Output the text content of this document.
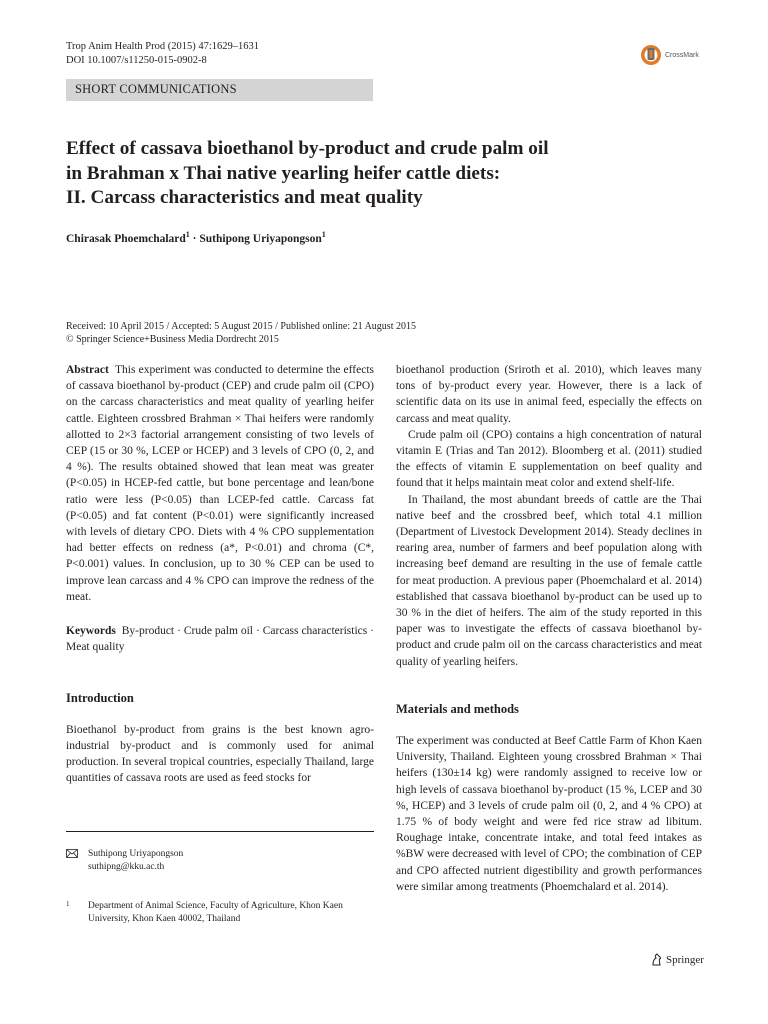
Trop Anim Health Prod (2015) 47:1629–1631
DOI 10.1007/s11250-015-0902-8	CrossMark
SHORT COMMUNICATIONS
Effect of cassava bioethanol by-product and crude palm oil
in Brahman x Thai native yearling heifer cattle diets:
II. Carcass characteristics and meat quality
Chirasak Phoemchalard$^1$ · Suthipong Uriyapongson$^1$
Received: 10 April 2015 / Accepted: 5 August 2015 / Published online: 21 August 2015
© Springer Science+Business Media Dordrecht 2015

Abstract This experiment was conducted to determine the effects of cassava bioethanol by-product (CEP) and crude palm oil (CPO) on the carcass characteristics and meat quality of yearling heifer cattle. Eighteen crossbred Brahman × Thai heifers were randomly allotted to 2×3 factorial arrangement consisting of two levels of CEP (15 or 30 %, LCEP or HCEP) and 3 levels of CPO (0, 2, and 4 %). The results obtained showed that lean meat was greater (P<0.05) in HCEP-fed cattle, but bone percentage and lean/bone ratio were less (P<0.05) than LCEP-fed cattle. Carcass fat (P<0.05) and fat content (P<0.01) were significantly increased with levels of dietary CPO. Diets with 4 % CPO supplementation had better effects on redness (a*, P<0.01) and chroma (C*, P<0.001) values. In conclusion, up to 30 % CEP can be used to improve lean carcass and 4 % CPO can improve the redness of the meat.

Keywords By-product · Crude palm oil · Carcass characteristics · Meat quality

Introduction

Bioethanol by-product from grains is the best known agro-industrial by-product and is commonly used for animal production. In several tropical countries, especially Thailand, large quantities of cassava roots are used as feed stocks for

bioethanol production (Sriroth et al. 2010), which leaves many tons of by-product every year. However, there is a lack of scientific data on its use in animal feed, especially the effects on carcass and meat quality.

Crude palm oil (CPO) contains a high concentration of natural vitamin E (Trias and Tan 2012). Bloomberg et al. (2011) studied the effects of vitamin E supplementation on beef quality and found that it helps maintain meat color and extend shelf-life.

In Thailand, the most abundant breeds of cattle are the Thai native beef and the crossbred beef, which total 4.1 million (Department of Livestock Development 2014). Steady declines in rearing area, number of farmers and beef population along with increasing beef demand are resulting in the use of female cattle for meat production. A previous paper (Phoemchalard et al. 2014) established that cassava bioethanol by-product can be used up to 30 % in the diet of heifers. The aim of the study reported in this paper was to investigate the effects of cassava bioethanol by-product and crude palm oil on the carcass characteristics and meat quality of yearling heifers.

Materials and methods

The experiment was conducted at Beef Cattle Farm of Khon Kaen University, Thailand. Eighteen young crossbred Brahman × Thai heifers (130±14 kg) were randomly assigned to receive low or high levels of cassava bioethanol by-product (15 %, LCEP and 30 %, HCEP) and 3 levels of crude palm oil (0, 2, and 4 % CPO) at 1.75 % of body weight and were fed rice straw ad libitum. Roughage intake, concentrate intake, and total feed intakes as %BW were decreased with level of CPO; the combination of CEP and CPO affected nutrient digestibility and growth performances were similar among treatments (Phoemchalard et al. 2014).

Suthipong Uriyapongson
suthipng@kku.ac.th
1 Department of Animal Science, Faculty of Agriculture, Khon Kaen
University, Khon Kaen 40002, Thailand
Springer
